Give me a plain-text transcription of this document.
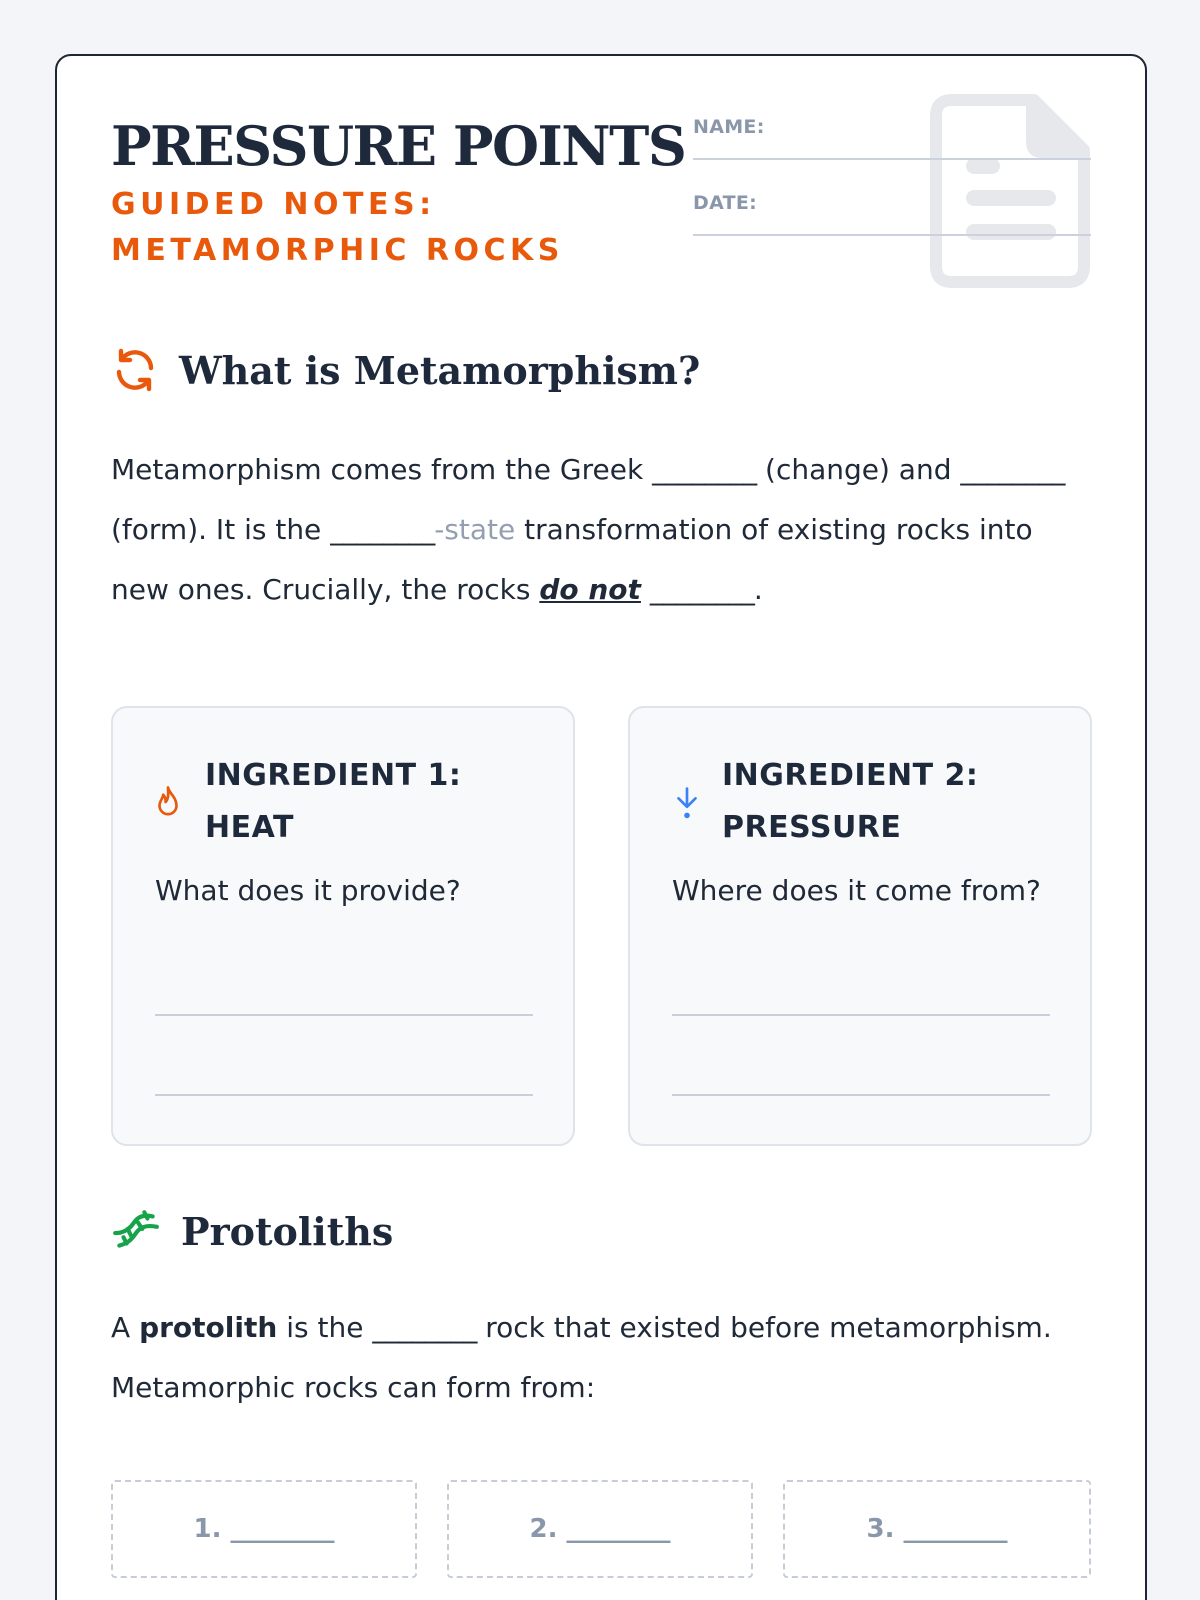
PRESSURE POINTS
GUIDED NOTES:
METAMORPHIC ROCKS
NAME:
DATE:
What is Metamorphism?
Metamorphism comes from the Greek ________ (change) and ________ (form). It is the ________-state transformation of existing rocks into new ones. Crucially, the rocks do not ________.
INGREDIENT 1:
HEAT
What does it provide?
INGREDIENT 2:
PRESSURE
Where does it come from?
Protoliths
A protolith is the ________ rock that existed before metamorphism. Metamorphic rocks can form from:
1. ________	2. ________	3. ________
